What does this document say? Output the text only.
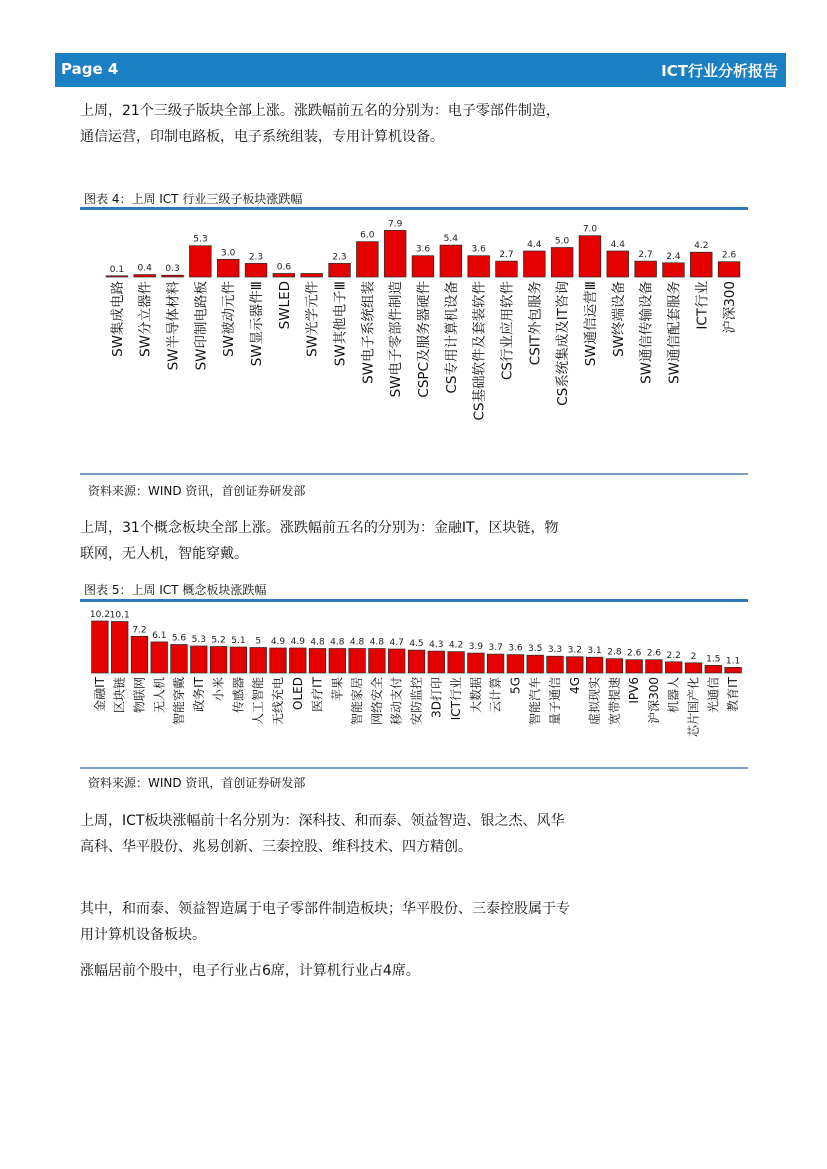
Page 4	ICT行业分析报告

上周，21个三级子版块全部上涨。涨跌幅前五名的分别为：电子零部件制造，通信运营，印制电路板，电子系统组装，专用计算机设备。

图表 4：上周 ICT 行业三级子板块涨跌幅
0.1
SW集成电路
0.4
SW分立器件
0.3
SW半导体材料
5.3
SW印制电路板
3.0
SW被动元件
2.3
SW显示器件Ⅲ
0.6
SWLED SW光学元件
2.3
SW其他电子Ⅲ
6.0
SW电子系统组装
7.9
SW电子零部件制造
3.6
CSPC及服务器硬件
5.4
CS专用计算机设备
3.6
CS基础软件及套装软件
2.7
CS行业应用软件
4.4
CSIT外包服务
5.0
CS系统集成及IT咨询
7.0
SW通信运营Ⅲ
4.4
SW终端设备
2.7
SW通信传输设备
2.4
SW通信配套服务
4.2
ICT行业
2.6
沪深300
资料来源：WIND 资讯，首创证券研发部

上周，31个概念板块全部上涨。涨跌幅前五名的分别为：金融IT，区块链，物联网，无人机，智能穿戴。

图表 5：上周 ICT 概念板块涨跌幅
10.2
金融IT
10.1
区块链
7.2
物联网
6.1
无人机
5.6
智能穿戴
5.3
政务IT
5.2
小米
5.1
传感器
5
人工智能
4.9
无线充电
4.9
OLED
4.8
医疗IT
4.8
苹果
4.8
智能家居
4.8
网络安全
4.7
移动支付
4.5
安防监控
4.3
3D打印
4.2
ICT行业
3.9
大数据
3.7
云计算
3.6
5G
3.5
智能汽车
3.3
量子通信
3.2
4G
3.1
虚拟现实
2.8
宽带提速
2.6
IPV6
2.6
沪深300
2.2
机器人
2
芯片国产化
1.5
光通信
1.1
教育IT
资料来源：WIND 资讯，首创证券研发部

上周，ICT板块涨幅前十名分别为：深科技、和而泰、领益智造、银之杰、风华高科、华平股份、兆易创新、三泰控股、维科技术、四方精创。

其中，和而泰、领益智造属于电子零部件制造板块；华平股份、三泰控股属于专用计算机设备板块。

涨幅居前个股中，电子行业占6席，计算机行业占4席。
